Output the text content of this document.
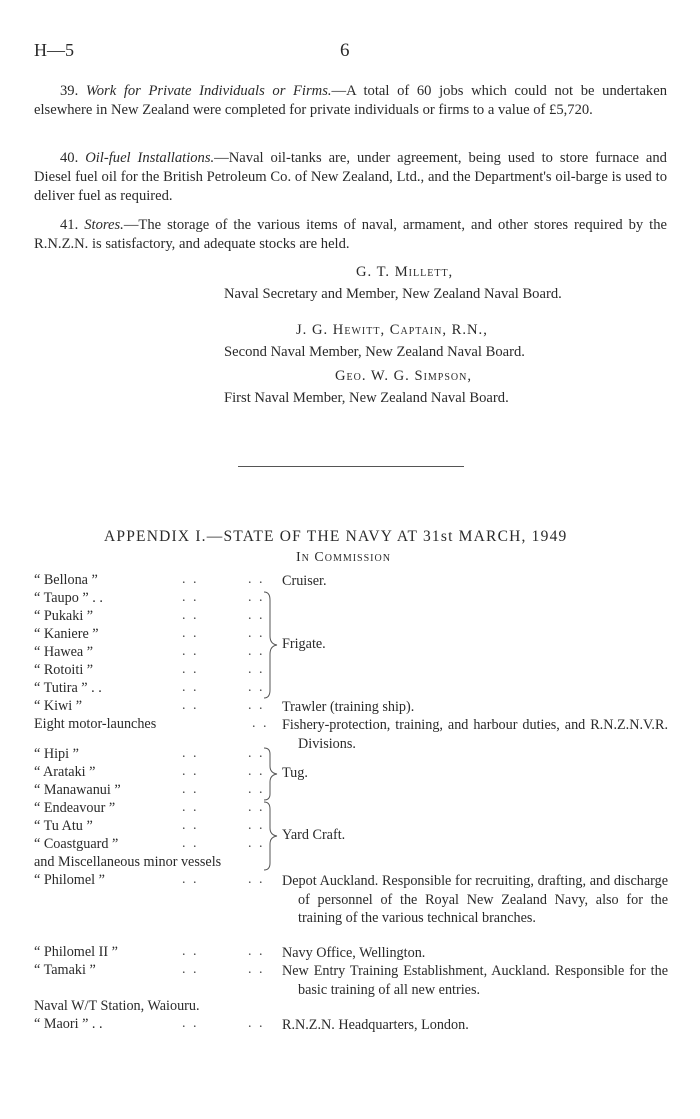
H—5	6

39. Work for Private Individuals or Firms.—A total of 60 jobs which could not be undertaken elsewhere in New Zealand were completed for private individuals or firms to a value of £5,720.

40. Oil-fuel Installations.—Naval oil-tanks are, under agreement, being used to store furnace and Diesel fuel oil for the British Petroleum Co. of New Zealand, Ltd., and the Department's oil-barge is used to deliver fuel as required.

41. Stores.—The storage of the various items of naval, armament, and other stores required by the R.N.Z.N. is satisfactory, and adequate stocks are held.

G. T. Millett,
Naval Secretary and Member, New Zealand Naval Board.
J. G. Hewitt, Captain, R.N.,
Second Naval Member, New Zealand Naval Board.
Geo. W. G. Simpson,
First Naval Member, New Zealand Naval Board.
APPENDIX I.—STATE OF THE NAVY AT 31st MARCH, 1949
In Commission
“ Bellona ”
“ Taupo ” . .
“ Pukaki ”
“ Kaniere ”
“ Hawea ”
“ Rotoiti ”
“ Tutira ” . .
“ Kiwi ”
Eight motor-launches
“ Hipi ”
“ Arataki ”
“ Manawanui ”
“ Endeavour ”
“ Tu Atu ”
“ Coastguard ”
and Miscellaneous minor vessels
“ Philomel ”
“ Philomel II ”
“ Tamaki ”
Naval W/T Station, Waiouru.
“ Maori ” . .
. .         . .
. .         . .
. .         . .
. .         . .
. .         . .
. .         . .
. .         . .
. .         . .
. .
. .         . .
. .         . .
. .         . .
. .         . .
. .         . .
. .         . .
. .         . .
. .         . .
. .         . .
. .         . .
Cruiser.
Frigate.
Trawler (training ship).
Fishery-protection, training, and harbour duties, and R.N.Z.N.V.R. Divisions.
Tug.
Yard Craft.
Depot Auckland. Responsible for recruiting, drafting, and discharge of personnel of the Royal New Zealand Navy, also for the training of the various technical branches.
Navy Office, Wellington.
New Entry Training Establishment, Auckland. Responsible for the basic training of all new entries.
R.N.Z.N. Headquarters, London.
